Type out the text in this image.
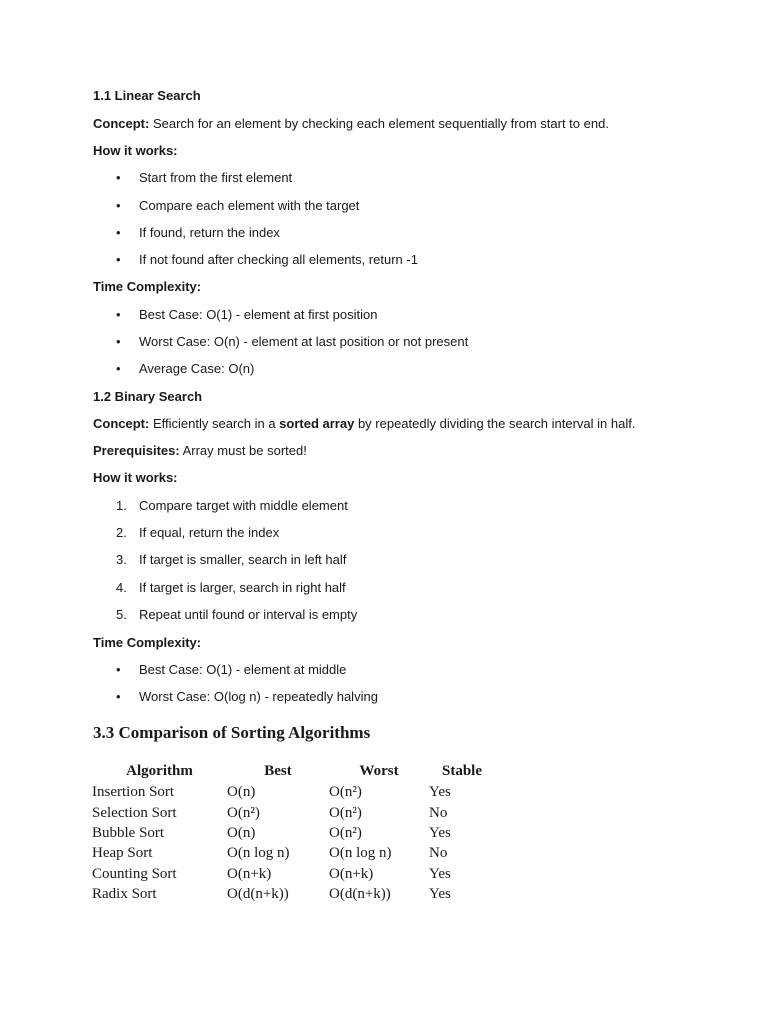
1.1 Linear Search
Concept: Search for an element by checking each element sequentially from start to end.
How it works:
• Start from the first element
• Compare each element with the target
• If found, return the index
• If not found after checking all elements, return -1
Time Complexity:
• Best Case: O(1) - element at first position
• Worst Case: O(n) - element at last position or not present
• Average Case: O(n)
1.2 Binary Search
Concept: Efficiently search in a sorted array by repeatedly dividing the search interval in half.
Prerequisites: Array must be sorted!
How it works:
1. Compare target with middle element
2. If equal, return the index
3. If target is smaller, search in left half
4. If target is larger, search in right half
5. Repeat until found or interval is empty
Time Complexity:
• Best Case: O(1) - element at middle
• Worst Case: O(log n) - repeatedly halving
3.3 Comparison of Sorting Algorithms
Algorithm	Best	Worst	Stable
Insertion Sort	O(n)	O(n²)	Yes
Selection Sort	O(n²)	O(n²)	No
Bubble Sort	O(n)	O(n²)	Yes
Heap Sort	O(n log n)	O(n log n)	No
Counting Sort	O(n+k)	O(n+k)	Yes
Radix Sort	O(d(n+k))	O(d(n+k))	Yes
